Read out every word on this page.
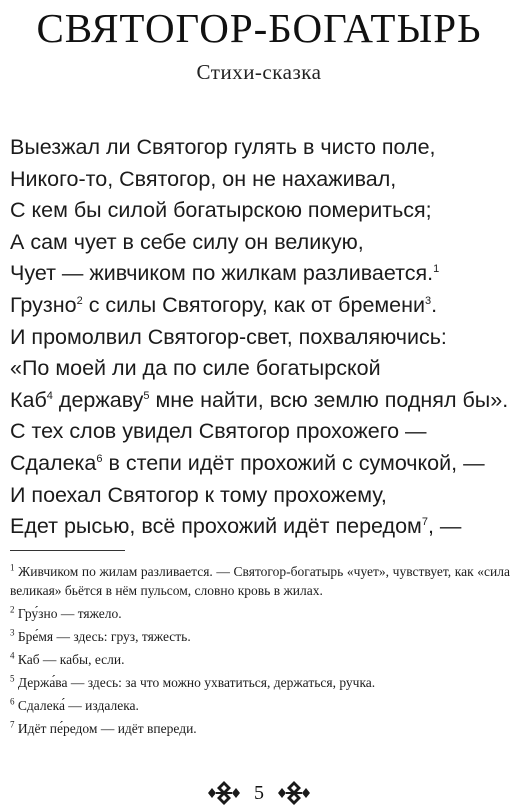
СВЯТОГОР-БОГАТЫРЬ
Стихи-сказка
Выезжал ли Святогор гулять в чисто поле,
Никого-то, Святогор, он не нахаживал,
С кем бы силой богатырскою помериться;
А сам чует в себе силу он великую,
Чует — живчиком по жилкам разливается.$^1$
Грузно$^2$ с силы Святогору, как от бремени$^3$.
И промолвил Святогор-свет, похваляючись:
«По моей ли да по силе богатырской
Каб$^4$ державу$^5$ мне найти, всю землю поднял бы».
С тех слов увидел Святогор прохожего —
Сдалека$^6$ в степи идёт прохожий с сумочкой, —
И поехал Святогор к тому прохожему,
Едет рысью, всё прохожий идёт передом$^7$, —
$^1$ Живчиком по жилам разливается. — Святогор-богатырь «чует», чувствует, как «сила великая» бьётся в нём пульсом, словно кровь в жилах.
$^2$ Гру́зно — тяжело.
$^3$ Бре́мя — здесь: груз, тяжесть.
$^4$ Каб — кабы, если.
$^5$ Держа́ва — здесь: за что можно ухватиться, держаться, ручка.
$^6$ Сдалека́ — издалека.
$^7$ Идёт пе́редом — идёт впереди.
5
